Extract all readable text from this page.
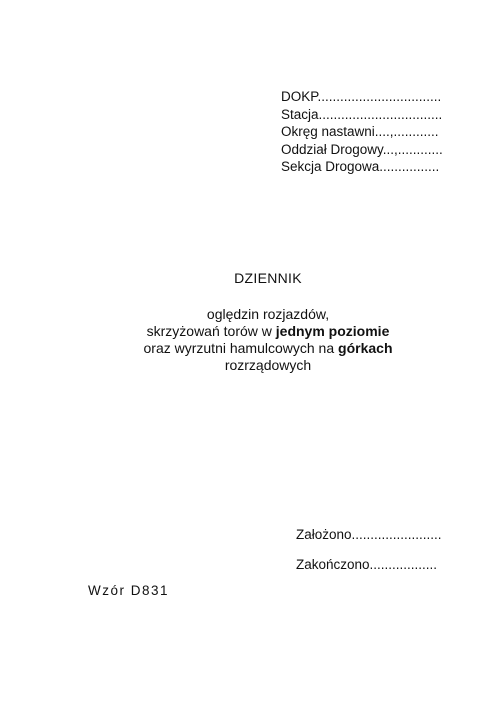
DOKP.................................
Stacja.................................
Okręg nastawni....,............
Oddział Drogowy...,............
Sekcja Drogowa................
DZIENNIK
oględzin rozjazdów,
skrzyżowań torów w jednym poziomie
oraz wyrzutni hamulcowych na górkach
rozrządowych
Założono........................
Zakończono..................
Wzór D831
